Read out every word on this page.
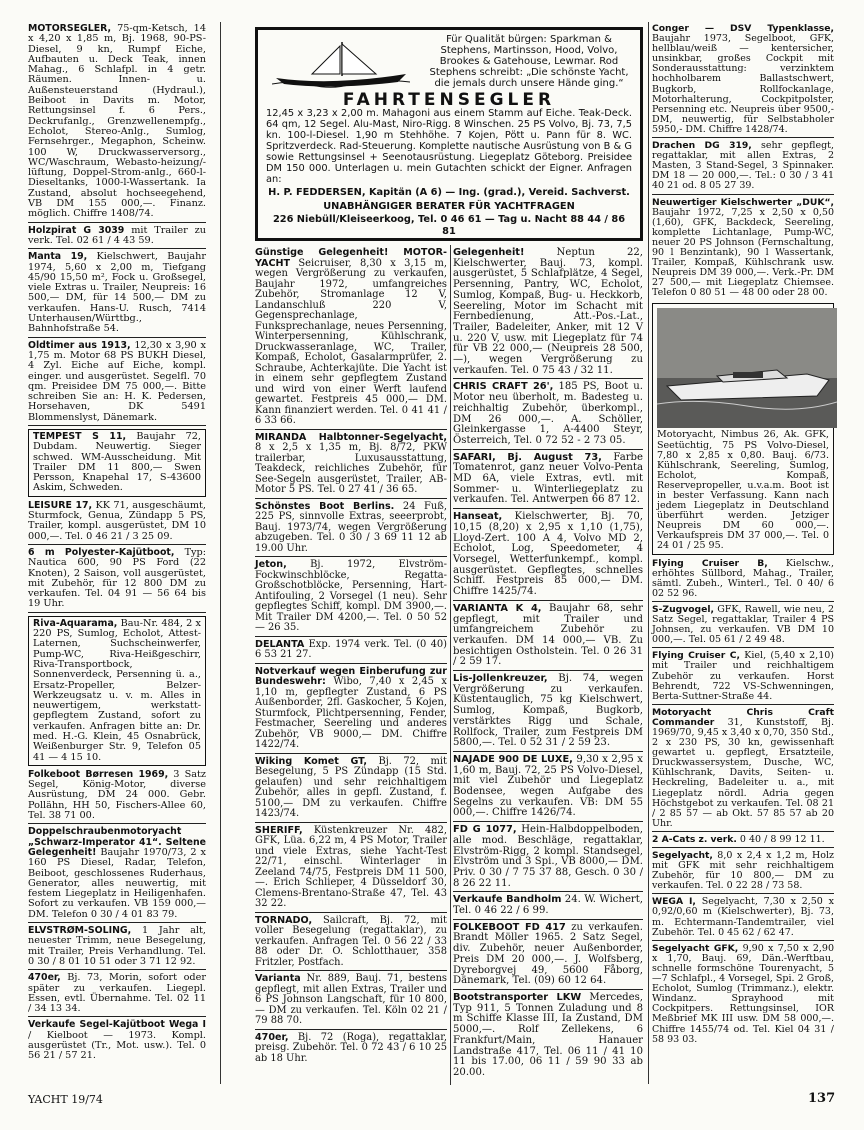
MOTORSEGLER, 75-qm-Ketsch, 14 x 4,20 x 1,85 m, Bj. 1968, 90-PS-Diesel, 9 kn, Rumpf Eiche, Aufbauten u. Deck Teak, innen Mahag., 6 Schlafpl. in 4 getr. Räumen. Innen- u. Außensteuerstand (Hydraul.), Beiboot in Davits m. Motor, Rettungsinsel f. 6 Pers., Deckrufanlg., Grenzwellenempfg., Echolot, Stereo-Anlg., Sumlog, Fernsehrger., Megaphon, Scheinw. 100 W, Druckwasserversorg., WC/Waschraum, Webasto-heizung/-lüftung, Doppel-Strom-anlg., 660-l-Dieseltanks, 1000-l-Wassertank. Ia Zustand, absolut hochseegehend, VB DM 155 000,—. Finanz. möglich. Chiffre 1408/74.
Holzpirat G 3039 mit Trailer zu verk. Tel. 02 61 / 4 43 59.
Manta 19, Kielschwert, Baujahr 1974, 5,60 x 2,00 m, Tiefgang 45/90 15,50 m², Fock u. Großsegel, viele Extras u. Trailer, Neupreis: 16 500,— DM, für 14 500,— DM zu verkaufen. Hans-U. Rusch, 7414 Unterhausen/Württbg., Bahnhofstraße 54.
Oldtimer aus 1913, 12,30 x 3,90 x 1,75 m. Motor 68 PS BUKH Diesel, 4 Zyl. Eiche auf Eiche, kompl. einger. und ausgerüstet. Segelfl. 70 qm. Preisidee DM 75 000,—. Bitte schreiben Sie an: H. K. Pedersen, Horsehaven, DK 5491 Blommenslyst, Dänemark.
TEMPEST S 11, Baujahr 72, Dubdam. Neuwertig. Sieger schwed. WM-Ausscheidung. Mit Trailer DM 11 800,— Swen Persson, Knapehal 17, S-43600 Askim, Schweden.
LEISURE 17, KK 71, ausgeschäumt, Sturmfock, Genua, Zündapp 5 PS, Trailer, kompl. ausgerüstet, DM 10 000,—. Tel. 0 46 21 / 3 25 09.
6 m Polyester-Kajütboot, Typ: Nautica 600, 90 PS Ford (22 Knoten), 2 Saison, voll ausgerüstet, mit Zubehör, für 12 800 DM zu verkaufen. Tel. 04 91 — 56 64 bis 19 Uhr.
Riva-Aquarama, Bau-Nr. 484, 2 x 220 PS, Sumlog, Echolot, Attest-Laternen, Suchscheinwerfer, Pump-WC, Riva-Heißgeschirr, Riva-Transportbock, Sonnenverdeck, Persenning ü. a., Ersatz-Propeller, Belzer-Werkzeugsatz u. v. m. Alles in neuwertigem, werkstatt-gepflegtem Zustand, sofort zu verkaufen. Anfragen bitte an: Dr. med. H.-G. Klein, 45 Osnabrück, Weißenburger Str. 9, Telefon 05 41 — 4 15 10.
Folkeboot Børresen 1969, 3 Satz Segel, König-Motor, diverse Ausrüstung, DM 24 000. Gebr. Pollähn, HH 50, Fischers-Allee 60, Tel. 38 71 00.
Doppelschraubenmotoryacht „Schwarz-Imperator 41“. Seltene Gelegenheit! Baujahr 1970/73, 2 x 160 PS Diesel, Radar, Telefon, Beiboot, geschlossenes Ruderhaus, Generator, alles neuwertig, mit festem Liegeplatz in Heiligenhafen. Sofort zu verkaufen. VB 159 000,— DM. Telefon 0 30 / 4 01 83 79.
ELVSTRØM-SOLING, 1 Jahr alt, neuester Trimm, neue Besegelung, mit Trailer, Preis Verhandlung. Tel. 0 30 / 8 01 10 51 oder 3 71 12 92.
470er, Bj. 73, Morin, sofort oder später zu verkaufen. Liegepl. Essen, evtl. Übernahme. Tel. 02 11 / 34 13 34.
Verkaufe Segel-Kajütboot Wega I / Kielboot — 1973. Kompl. ausgerüstet (Tr., Mot. usw.). Tel. 0 56 21 / 57 21.
Für Qualität bürgen: Sparkman & Stephens, Martinsson, Hood, Volvo, Brookes & Gatehouse, Lewmar. Rod Stephens schreibt: „Die schönste Yacht, die jemals durch unsere Hände ging.“
FAHRTENSEGLER
12,45 x 3,23 x 2,00 m. Mahagoni aus einem Stamm auf Eiche. Teak-Deck. 64 qm, 12 Segel. Alu-Mast, Niro-Rigg. 8 Winschen. 25 PS Volvo, Bj. 73, 7,5 kn. 100-l-Diesel. 1,90 m Stehhöhe. 7 Kojen, Pött u. Pann für 8. WC. Spritzverdeck. Rad-Steuerung. Komplette nautische Ausrüstung von B & G sowie Rettungsinsel + Seenotausrüstung. Liegeplatz Göteborg. Preisidee DM 150 000. Unterlagen u. mein Gutachten schickt der Eigner. Anfragen an:
H. P. FEDDERSEN, Kapitän (A 6) — Ing. (grad.), Vereid. Sachverst.
UNABHÄNGIGER BERATER FÜR YACHTFRAGEN
226 Niebüll/Kleiseerkoog, Tel. 0 46 61 — Tag u. Nacht 88 44 / 86 81
Günstige Gelegenheit! MOTOR-YACHT Seicruiser, 8,30 x 3,15 m, wegen Vergrößerung zu verkaufen, Baujahr 1972, umfangreiches Zubehör, Stromanlage 12 V, Landanschluß 220 V, Gegensprechanlage, Funksprechanlage, neues Persenning, Winterpersenning, Kühlschrank, Druckwasseranlage, WC, Trailer, Kompaß, Echolot, Gasalarmprüfer, 2. Schraube, Achterkajüte. Die Yacht ist in einem sehr gepflegtem Zustand und wird von einer Werft laufend gewartet. Festpreis 45 000,— DM. Kann finanziert werden. Tel. 0 41 41 / 6 33 66.
MIRANDA Halbtonner-Segelyacht, 8 x 2,5 x 1,35 m, Bj. 8/72, PKW trailerbar, Luxusausstattung, Teakdeck, reichliches Zubehör, für See-Segeln ausgerüstet, Trailer, AB-Motor 5 PS. Tel. 0 27 41 / 36 65.
Schönstes Boot Berlins. 24 Fuß, 225 PS, sinnvolle Extras, seeerprobt, Bauj. 1973/74, wegen Vergrößerung abzugeben. Tel. 0 30 / 3 69 11 12 ab 19.00 Uhr.
Jeton, Bj. 1972, Elvström-Fockwinschblöcke, Regatta-Großschotblöcke, Persenning, Hart-Antifouling, 2 Vorsegel (1 neu). Sehr gepflegtes Schiff, kompl. DM 3900,—. Mit Trailer DM 4200,—. Tel. 0 50 52 — 26 35.
DELANTA Exp. 1974 verk. Tel. (0 40) 6 53 21 27.
Notverkauf wegen Einberufung zur Bundeswehr: Wibo, 7,40 x 2,45 x 1,10 m, gepflegter Zustand, 6 PS Außenborder, 2fl. Gaskocher, 5 Kojen, Sturmfock, Plichtpersenning, Fender, Festmacher, Seereling und anderes Zubehör, VB 9000,— DM. Chiffre 1422/74.
Wiking Komet GT, Bj. 72, mit Besegelung, 5 PS Zündapp (15 Std. gelaufen) und sehr reichhaltigem Zubehör, alles in gepfl. Zustand, f. 5100,— DM zu verkaufen. Chiffre 1423/74.
SHERIFF, Küstenkreuzer Nr. 482, GFK, Lüa. 6,22 m, 4 PS Motor, Trailer und viele Extras, siehe Yacht-Test 22/71, einschl. Winterlager in Zeeland 74/75, Festpreis DM 11 500,—. Erich Schlieper, 4 Düsseldorf 30, Clemens-Brentano-Straße 47, Tel. 43 32 22.
TORNADO, Sailcraft, Bj. 72, mit voller Besegelung (regattaklar), zu verkaufen. Anfragen Tel. 0 56 22 / 33 88 oder Dr. O. Schlotthauer, 358 Fritzler, Postfach.
Varianta Nr. 889, Bauj. 71, bestens gepflegt, mit allen Extras, Trailer und 6 PS Johnson Langschaft, für 10 800,— DM zu verkaufen. Tel. Köln 02 21 / 79 88 70.
470er, Bj. 72 (Roga), regattaklar, preisg. Zubehör. Tel. 0 72 43 / 6 10 25 ab 18 Uhr.
Gelegenheit! Neptun 22, Kielschwerter, Bauj. 73, kompl. ausgerüstet, 5 Schlafplätze, 4 Segel, Persenning, Pantry, WC, Echolot, Sumlog, Kompaß, Bug- u. Heckkorb, Seereling, Motor im Schacht mit Fernbedienung, Att.-Pos.-Lat., Trailer, Badeleiter, Anker, mit 12 V u. 220 V, usw. mit Liegeplatz für 74 für VB 22 000,— (Neupreis 28 500,—), wegen Vergrößerung zu verkaufen. Tel. 0 75 43 / 32 11.
CHRIS CRAFT 26', 185 PS, Boot u. Motor neu überholt, m. Badesteg u. reichhaltig Zubehör, überkompl., DM 26 000,—. A. Schöller, Gleinkergasse 1, A-4400 Steyr, Österreich, Tel. 0 72 52 - 2 73 05.
SAFARI, Bj. August 73, Farbe Tomatenrot, ganz neuer Volvo-Penta MD 6A, viele Extras, evtl. mit Sommer- u. Winterliegeplatz zu verkaufen. Tel. Antwerpen 66 87 12.
Hanseat, Kielschwerter, Bj. 70, 10,15 (8,20) x 2,95 x 1,10 (1,75), Lloyd-Zert. 100 A 4, Volvo MD 2, Echolot, Log, Speedometer, 4 Vorsegel, Wetterfunkempf., kompl. ausgerüstet. Gepflegtes, schnelles Schiff. Festpreis 85 000,— DM. Chiffre 1425/74.
VARIANTA K 4, Baujahr 68, sehr gepflegt, mit Trailer und umfangreichem Zubehör zu verkaufen. DM 14 000,— VB. Zu besichtigen Ostholstein. Tel. 0 26 31 / 2 59 17.
Lis-Jollenkreuzer, Bj. 74, wegen Vergrößerung zu verkaufen. Küstentauglich, 75 kg Kielschwert, Sumlog, Kompaß, Bugkorb, verstärktes Rigg und Schale, Rollfock, Trailer, zum Festpreis DM 5800,—. Tel. 0 52 31 / 2 59 23.
NAJADE 900 DE LUXE, 9,30 x 2,95 x 1,60 m, Bauj. 72, 25 PS Volvo-Diesel, mit viel Zubehör und Liegeplatz Bodensee, wegen Aufgabe des Segelns zu verkaufen. VB: DM 55 000,—. Chiffre 1426/74.
FD G 1077, Hein-Halbdoppelboden, alle mod. Beschläge, regattaklar, Elvström-Rigg, 2 kompl. Standsegel, Elvström und 3 Spi., VB 8000,— DM. Priv. 0 30 / 7 75 37 88, Gesch. 0 30 / 8 26 22 11.
Verkaufe Bandholm 24. W. Wichert, Tel. 0 46 22 / 6 99.
FOLKEBOOT FD 417 zu verkaufen. Brandt Möller 1965. 2 Satz Segel, div. Zubehör, neuer Außenborder, Preis DM 20 000,—. J. Wolfsberg, Dyreborgvej 49, 5600 Fåborg, Dänemark, Tel. (09) 60 12 64.
Bootstransporter LKW Mercedes, Typ 911, 5 Tonnen Zuladung und 8 m Schiffe Klasse III, Ia Zustand, DM 5000,—. Rolf Zellekens, 6 Frankfurt/Main, Hanauer Landstraße 417, Tel. 06 11 / 41 10 11 bis 17.00, 06 11 / 59 90 33 ab 20.00.
Conger — DSV Typenklasse, Baujahr 1973, Segelboot, GFK, hellblau/weiß — kentersicher, unsinkbar, großes Cockpit mit Sonderausstattung: verzinktem hochholbarem Ballastschwert, Bugkorb, Rollfockanlage, Motorhalterung, Cockpitpolster, Persenning etc. Neupreis über 9500,- DM, neuwertig, für Selbstabholer 5950,- DM. Chiffre 1428/74.
Drachen DG 319, sehr gepflegt, regattaklar, mit allen Extras, 2 Masten, 3 Stand-Segel, 3 Spinnaker. DM 18 — 20 000,—. Tel.: 0 30 / 3 41 40 21 od. 8 05 27 39.
Neuwertiger Kielschwerter „DUK“, Baujahr 1972, 7,25 x 2,50 x 0,50 (1,60), GFK, Backdeck, Seereling, komplette Lichtanlage, Pump-WC, neuer 20 PS Johnson (Fernschaltung, 90 l Benzintank), 90 l Wassertank, Trailer, Kompaß, Kühlschrank usw. Neupreis DM 39 000,—. Verk.-Pr. DM 27 500,— mit Liegeplatz Chiemsee. Telefon 0 80 51 — 48 00 oder 28 00.
Motoryacht, Nimbus 26, Ak. GFK, Seetüchtig, 75 PS Volvo-Diesel, 7,80 x 2,85 x 0,80. Bauj. 6/73. Kühlschrank, Seereling, Sumlog, Echolot, Kompaß, Reservepropeller, u.v.a.m. Boot ist in bester Verfassung. Kann nach jedem Liegeplatz in Deutschland überführt werden. Jetziger Neupreis DM 60 000,—. Verkaufspreis DM 37 000,—. Tel. 0 24 01 / 25 95.
Flying Cruiser B, Kielschw., erhöhtes Süllbord, Mahag., Trailer, sämtl. Zubeh., Winterl., Tel. 0 40/ 6 02 52 96.
S-Zugvogel, GFK, Rawell, wie neu, 2 Satz Segel, regattaklar, Trailer 4 PS Johnsen, zu verkaufen. VB DM 10 000,—. Tel. 05 61 / 2 49 48.
Flying Cruiser C, Kiel, (5,40 x 2,10) mit Trailer und reichhaltigem Zubehör zu verkaufen. Horst Behrendt, 722 VS-Schwenningen, Berta-Suttner-Straße 44.
Motoryacht Chris Craft Commander 31, Kunststoff, Bj. 1969/70, 9,45 x 3,40 x 0,70, 350 Std., 2 x 230 PS, 30 kn, gewissenhaft gewartet u. gepflegt, Ersatzteile, Druckwassersystem, Dusche, WC, Kühlschrank, Davits, Seiten- u. Heckreling, Badeleiter u. a., mit Liegeplatz nördl. Adria gegen Höchstgebot zu verkaufen. Tel. 08 21 / 2 85 57 — ab Okt. 57 85 57 ab 20 Uhr.
2 A-Cats z. verk. 0 40 / 8 99 12 11.
Segelyacht, 8,0 x 2,4 x 1,2 m, Holz mit GFK mit sehr reichhaltigem Zubehör, für 10 800,— DM zu verkaufen. Tel. 0 22 28 / 73 58.
WEGA I, Segelyacht, 7,30 x 2,50 x 0,92/0,60 m (Kielschwerter), Bj. 73, m. Echtermann-Tandemtrailer, viel Zubehör. Tel. 0 45 62 / 62 47.
Segelyacht GFK, 9,90 x 7,50 x 2,90 x 1,70, Bauj. 69, Dän.-Werftbau, schnelle formschöne Tourenyacht, 5—7 Schlafpl., 4 Vorsegel, Spi. 2 Groß, Echolot, Sumlog (Trimmanz.), elektr. Windanz. Sprayhood mit Cockpitpers. Rettungsinsel, IOR Meßbrief MK III usw. DM 58 000,—. Chiffre 1455/74 od. Tel. Kiel 04 31 / 58 93 03.
YACHT 19/74	137
